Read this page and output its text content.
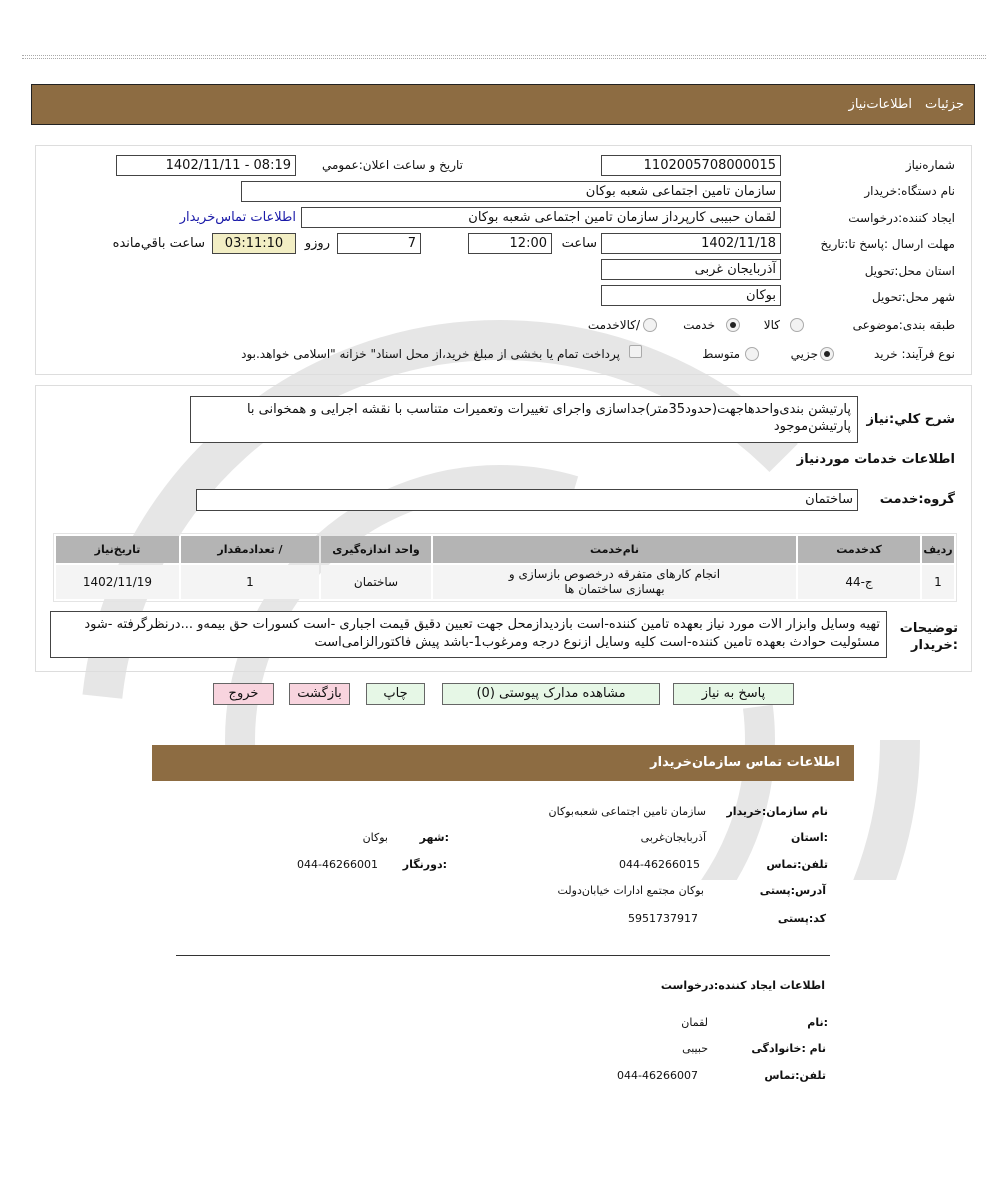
جزئیات
اطلاعات‌نیاز
شماره‌نیاز
1102005708000015
تاریخ و ساعت اعلان:عمومي
1402/11/11 - 08:19
نام دستگاه:خریدار
سازمان تامین اجتماعی شعبه بوکان
ایجاد کننده:درخواست
لقمان حبیبی کارپرداز سازمان تامین اجتماعی شعبه بوکان
اطلاعات تماس‌خریدار
مهلت ارسال :پاسخ تا:تاریخ
1402/11/18
ساعت
12:00
7
روزو
03:11:10
ساعت باقي‌مانده
استان محل:تحویل
آذربایجان غربی
شهر محل:تحویل
بوکان
طبقه بندی:موضوعی
کالا
خدمت
/کالاخدمت
نوع فرآیند: خرید
جزیي
متوسط
پرداخت تمام یا بخشی از مبلغ خرید،از محل اسناد" خزانه "اسلامی خواهد.بود
شرح کلي:نیاز
پارتیشن بندی‌واحدهاجهت(حدود35متر)جداسازی واجرای تغییرات وتعمیرات متناسب با نقشه اجرایی و همخوانی با پارتیشن‌موجود
اطلاعات خدمات موردنیاز
گروه:خدمت
ساختمان
ردیف	کدخدمت	نام‌خدمت	واحد اندازه‌گیری	/ تعدادمقدار	تاریخ‌نیاز
1	ج-44	انجام کارهای متفرقه درخصوص بازسازی و بهسازی ساختمان ها	ساختمان	1	1402/11/19
توضیحات :خریدار
تهیه وسایل وابزار الات مورد نیاز بعهده تامین کننده-است بازدیدازمحل جهت تعیین دقیق قیمت اجباری -است کسورات حق بیمه‌و ...درنظرگرفته -شود مسئولیت حوادث بعهده تامین کننده-است کلیه وسایل ازنوع درجه ومرغوب1-باشد پیش فاکتورالزامی‌است
پاسخ به نیاز
مشاهده مدارک پیوستی (0)
چاپ
بازگشت
خروج
اطلاعات تماس سازمان‌خریدار
نام سازمان:خریدار
سازمان تامین اجتماعی شعبه‌بوکان
:استان
آذربایجان‌غربی
:شهر
بوکان
تلفن:تماس
044-46266015
:دورنگار
044-46266001
آدرس:پستی
بوکان مجتمع ادارات خیابان‌دولت
کد:پستی
5951737917
اطلاعات ایجاد کننده:درخواست
:نام
لقمان
نام :خانوادگی
حبیبی
تلفن:تماس
044-46266007
